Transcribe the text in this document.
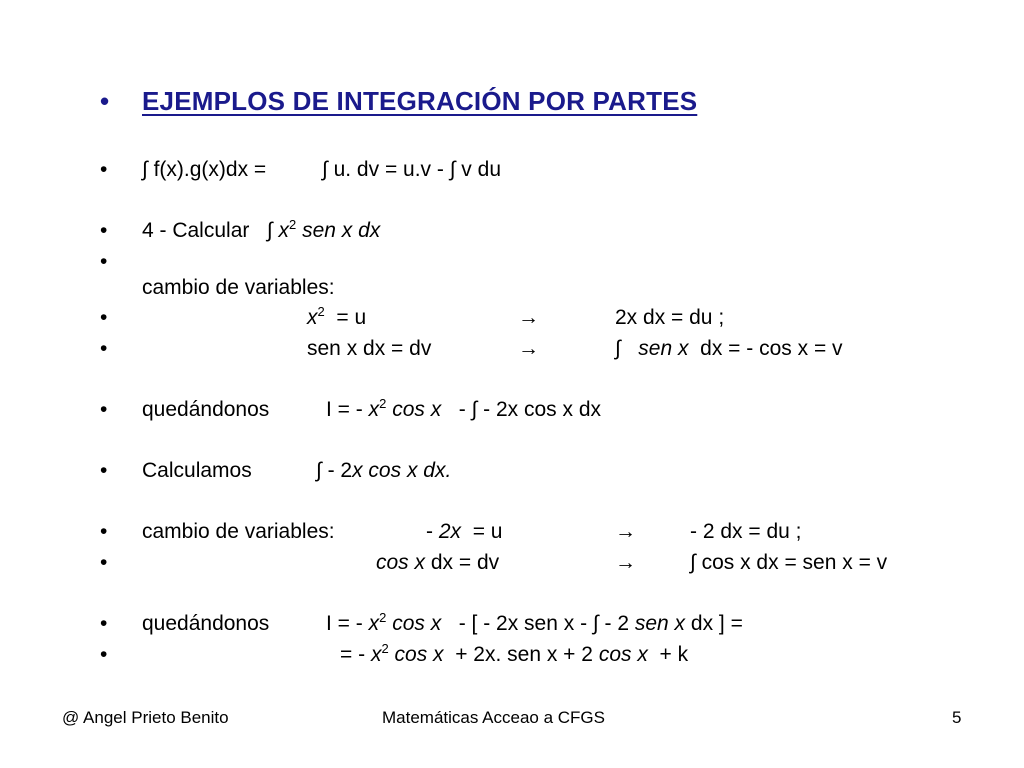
• EJEMPLOS DE INTEGRACIÓN POR PARTES
• ∫ f(x).g(x)dx =	∫ u. dv = u.v - ∫ v du
• 4 - Calcular ∫ $x^2$ sen x dx
•
cambio de variables:
•	$x^2 = u$	→	2x dx = du ;
•	sen x dx = dv	→	∫ sen x dx = - cos x = v
• quedándonos	I = - $x^2$ cos x - ∫ - 2x cos x dx
• Calculamos	∫ - 2x cos x dx.
• cambio de variables:	- 2x = u	→	- 2 dx = du ;
•	cos x dx = dv	→	∫ cos x dx = sen x = v
• quedándonos	I = - $x^2$ cos x - [ - 2x sen x - ∫ - 2 sen x dx ] =
•	= - $x^2$ cos x + 2x. sen x + 2 cos x + k
@ Angel Prieto Benito	Matemáticas Acceao a CFGS	5
